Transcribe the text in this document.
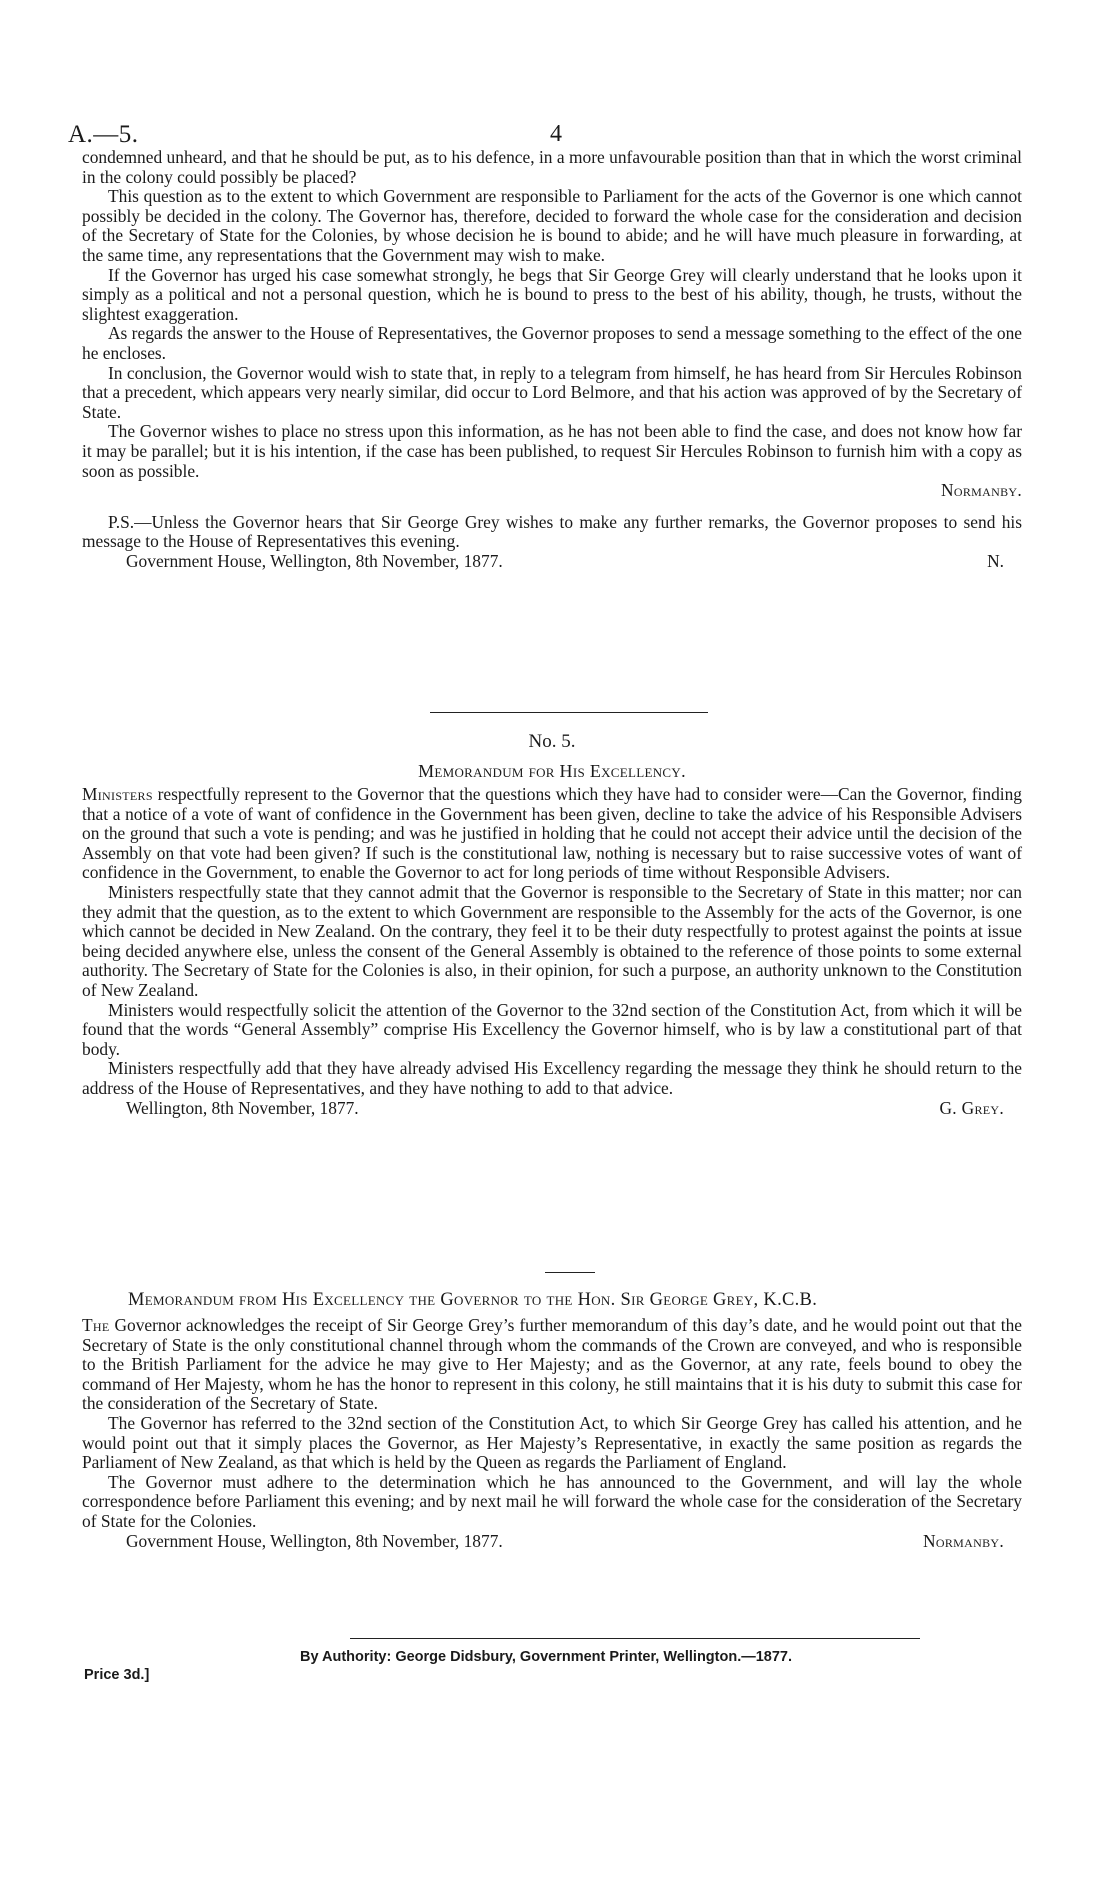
A.—5.	4

condemned unheard, and that he should be put, as to his defence, in a more unfavourable position than that in which the worst criminal in the colony could possibly be placed?

This question as to the extent to which Government are responsible to Parliament for the acts of the Governor is one which cannot possibly be decided in the colony. The Governor has, therefore, decided to forward the whole case for the consideration and decision of the Secretary of State for the Colonies, by whose decision he is bound to abide; and he will have much pleasure in forwarding, at the same time, any representations that the Government may wish to make.

If the Governor has urged his case somewhat strongly, he begs that Sir George Grey will clearly understand that he looks upon it simply as a political and not a personal question, which he is bound to press to the best of his ability, though, he trusts, without the slightest exaggeration.

As regards the answer to the House of Representatives, the Governor proposes to send a message something to the effect of the one he encloses.

In conclusion, the Governor would wish to state that, in reply to a telegram from himself, he has heard from Sir Hercules Robinson that a precedent, which appears very nearly similar, did occur to Lord Belmore, and that his action was approved of by the Secretary of State.

The Governor wishes to place no stress upon this information, as he has not been able to find the case, and does not know how far it may be parallel; but it is his intention, if the case has been published, to request Sir Hercules Robinson to furnish him with a copy as soon as possible.

Normanby.

P.S.—Unless the Governor hears that Sir George Grey wishes to make any further remarks, the Governor proposes to send his message to the House of Representatives this evening.

Government House, Wellington, 8th November, 1877.	N.
No. 5.
Memorandum for His Excellency.

Ministers respectfully represent to the Governor that the questions which they have had to consider were—Can the Governor, finding that a notice of a vote of want of confidence in the Government has been given, decline to take the advice of his Responsible Advisers on the ground that such a vote is pending; and was he justified in holding that he could not accept their advice until the decision of the Assembly on that vote had been given? If such is the constitutional law, nothing is necessary but to raise successive votes of want of confidence in the Government, to enable the Governor to act for long periods of time without Responsible Advisers.

Ministers respectfully state that they cannot admit that the Governor is responsible to the Secretary of State in this matter; nor can they admit that the question, as to the extent to which Government are responsible to the Assembly for the acts of the Governor, is one which cannot be decided in New Zealand. On the contrary, they feel it to be their duty respectfully to protest against the points at issue being decided anywhere else, unless the consent of the General Assembly is obtained to the reference of those points to some external authority. The Secretary of State for the Colonies is also, in their opinion, for such a purpose, an authority unknown to the Constitution of New Zealand.

Ministers would respectfully solicit the attention of the Governor to the 32nd section of the Constitution Act, from which it will be found that the words “General Assembly” comprise His Excellency the Governor himself, who is by law a constitutional part of that body.

Ministers respectfully add that they have already advised His Excellency regarding the message they think he should return to the address of the House of Representatives, and they have nothing to add to that advice.

Wellington, 8th November, 1877.	G. Grey.
Memorandum from His Excellency the Governor to the Hon. Sir George Grey, K.C.B.

The Governor acknowledges the receipt of Sir George Grey’s further memorandum of this day’s date, and he would point out that the Secretary of State is the only constitutional channel through whom the commands of the Crown are conveyed, and who is responsible to the British Parliament for the advice he may give to Her Majesty; and as the Governor, at any rate, feels bound to obey the command of Her Majesty, whom he has the honor to represent in this colony, he still maintains that it is his duty to submit this case for the consideration of the Secretary of State.

The Governor has referred to the 32nd section of the Constitution Act, to which Sir George Grey has called his attention, and he would point out that it simply places the Governor, as Her Majesty’s Representative, in exactly the same position as regards the Parliament of New Zealand, as that which is held by the Queen as regards the Parliament of England.

The Governor must adhere to the determination which he has announced to the Government, and will lay the whole correspondence before Parliament this evening; and by next mail he will forward the whole case for the consideration of the Secretary of State for the Colonies.

Government House, Wellington, 8th November, 1877.	Normanby.
By Authority: George Didsbury, Government Printer, Wellington.—1877.
Price 3d.]
